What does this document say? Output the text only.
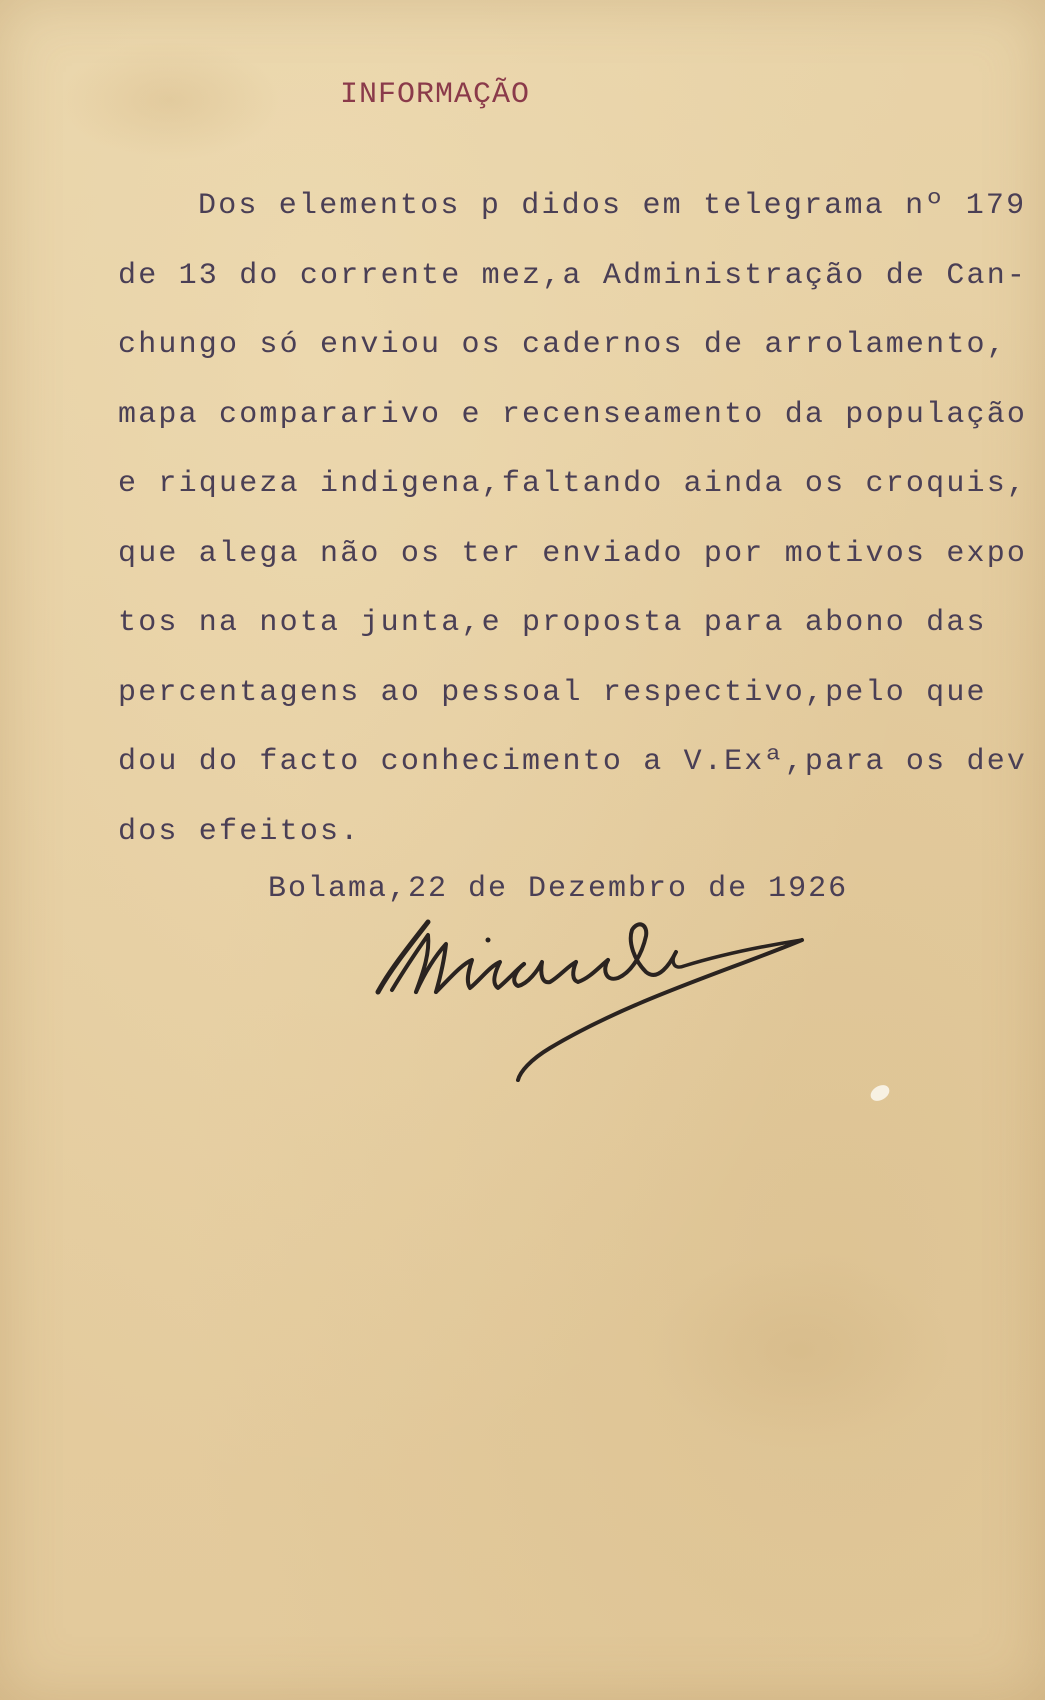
INFORMAÇÃO
Dos elementos p didos em telegrama nº 179
de 13 do corrente mez,a Administração de Can-
chungo só enviou os cadernos de arrolamento,
mapa compararivo e recenseamento da população
e riqueza indigena,faltando ainda os croquis,
que alega não os ter enviado por motivos expo
tos na nota junta,e proposta para abono das
percentagens ao pessoal respectivo,pelo que
dou do facto conhecimento a V.Exª,para os dev
dos efeitos.
Bolama,22 de Dezembro de 1926
